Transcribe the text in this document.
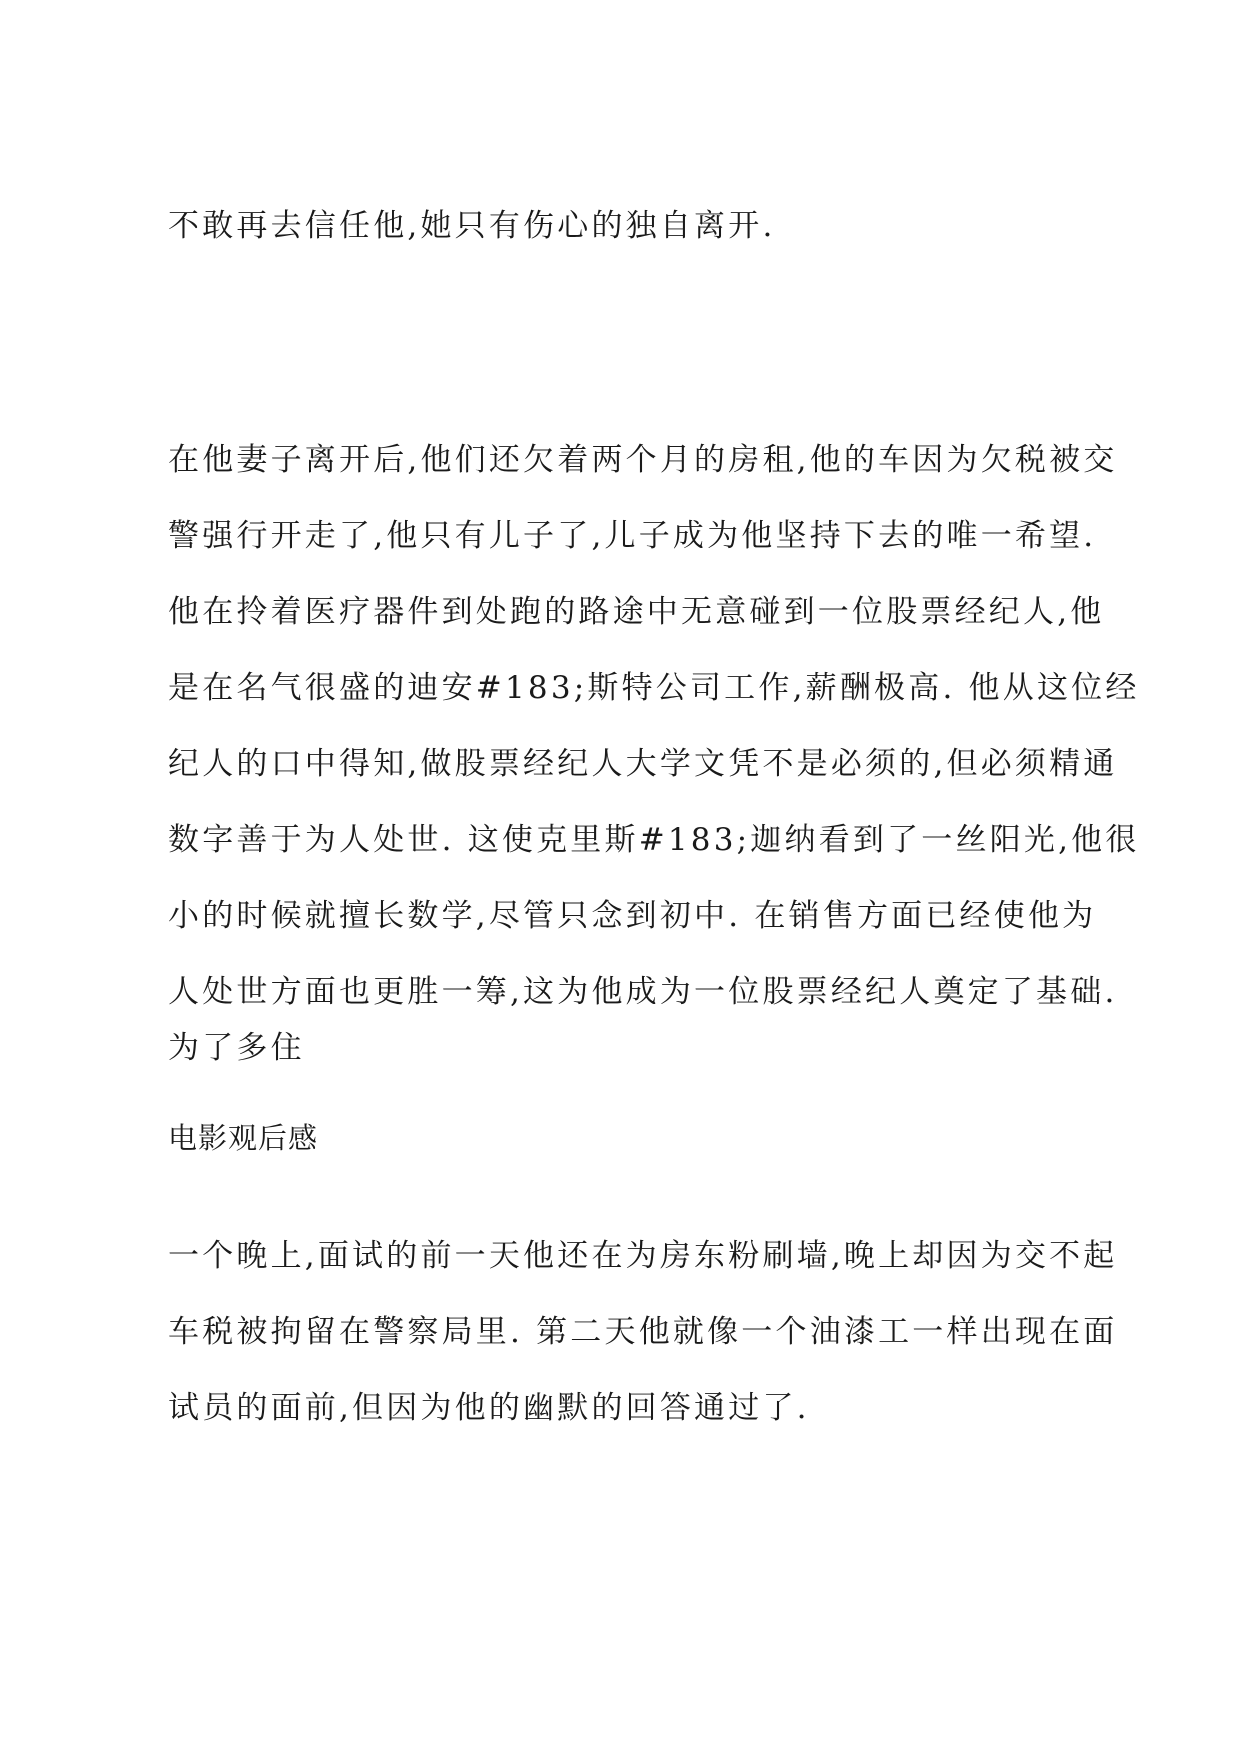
不敢再去信任他,她只有伤心的独自离开.
在他妻子离开后,他们还欠着两个月的房租,他的车因为欠税被交
警强行开走了,他只有儿子了,儿子成为他坚持下去的唯一希望.
他在拎着医疗器件到处跑的路途中无意碰到一位股票经纪人,他
是在名气很盛的迪安#183;斯特公司工作,薪酬极高. 他从这位经
纪人的口中得知,做股票经纪人大学文凭不是必须的,但必须精通
数字善于为人处世. 这使克里斯#183;迦纳看到了一丝阳光,他很
小的时候就擅长数学,尽管只念到初中. 在销售方面已经使他为
人处世方面也更胜一筹,这为他成为一位股票经纪人奠定了基础.
为了多住
电影观后感
一个晚上,面试的前一天他还在为房东粉刷墙,晚上却因为交不起
车税被拘留在警察局里. 第二天他就像一个油漆工一样出现在面
试员的面前,但因为他的幽默的回答通过了.
